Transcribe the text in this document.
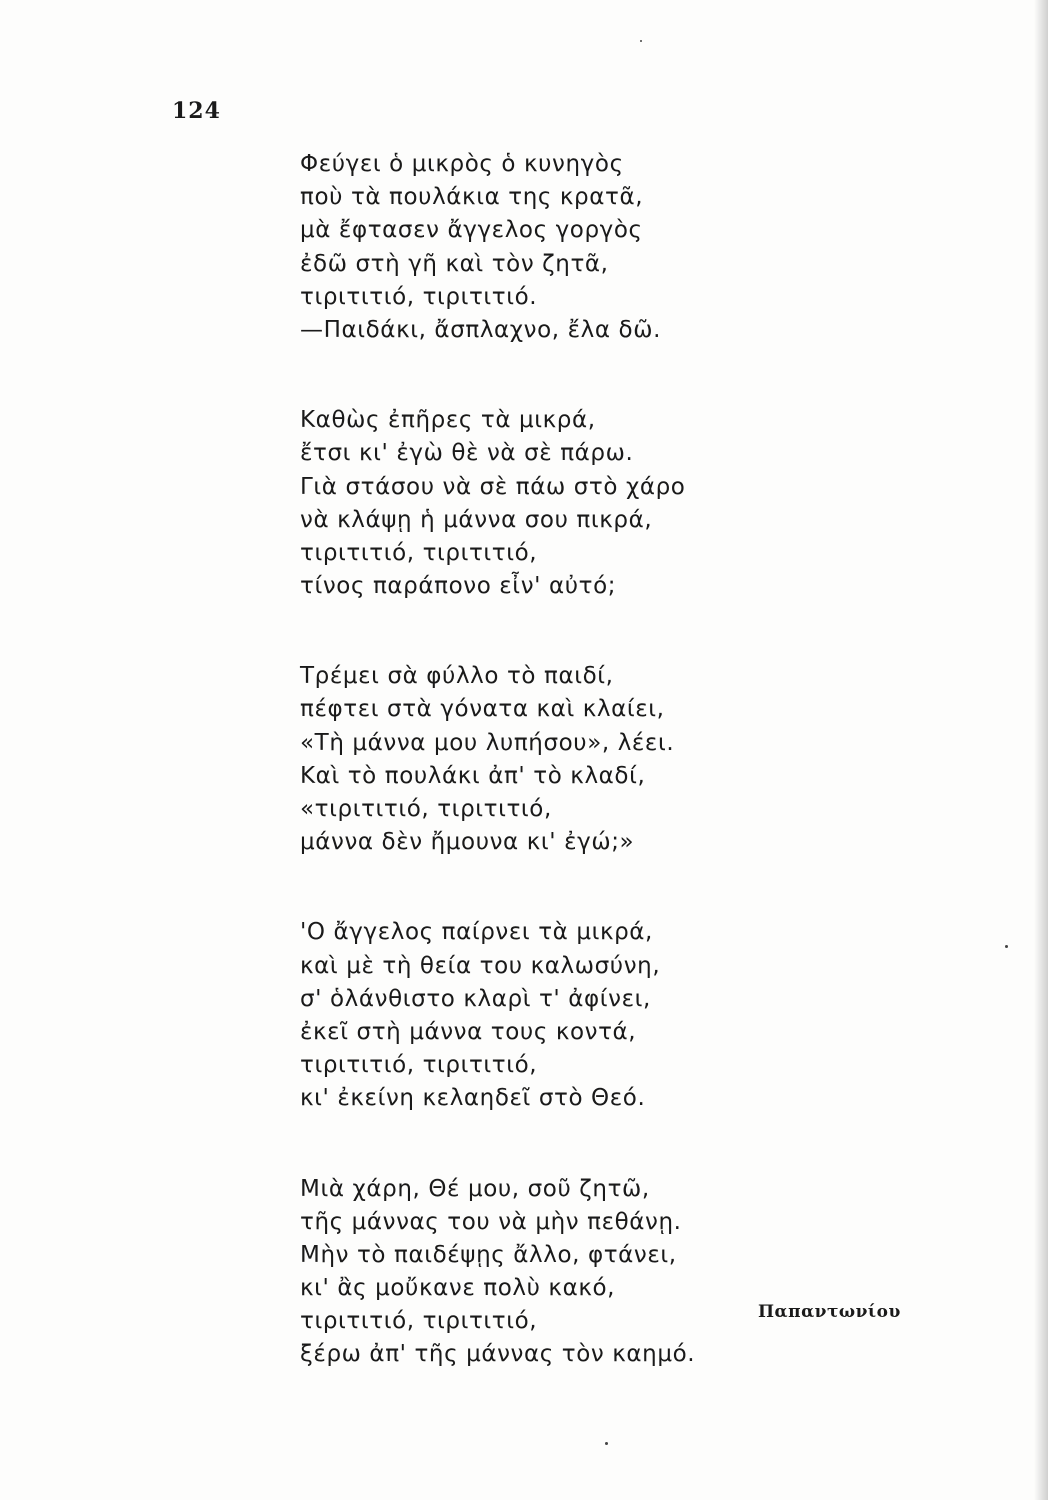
124
Φεύγει ὁ μικρὸς ὁ κυνηγὸς
ποὺ τὰ πουλάκια της κρατᾶ,
μὰ ἔφτασεν ἄγγελος γοργὸς
ἐδῶ στὴ γῆ καὶ τὸν ζητᾶ,
τιριτιτιό, τιριτιτιό.
—Παιδάκι, ἄσπλαχνο, ἔλα δῶ.
Καθὼς ἐπῆρες τὰ μικρά,
ἔτσι κι' ἐγὼ θὲ νὰ σὲ πάρω.
Γιὰ στάσου νὰ σὲ πάω στὸ χάρο
νὰ κλάψῃ ἡ μάννα σου πικρά,
τιριτιτιό, τιριτιτιό,
τίνος παράπονο εἶν' αὐτό;
Τρέμει σὰ φύλλο τὸ παιδί,
πέφτει στὰ γόνατα καὶ κλαίει,
«Τὴ μάννα μου λυπήσου», λέει.
Καὶ τὸ πουλάκι ἀπ' τὸ κλαδί,
«τιριτιτιό, τιριτιτιό,
μάννα δὲν ἤμουνα κι' ἐγώ;»
'Ο ἄγγελος παίρνει τὰ μικρά,
καὶ μὲ τὴ θεία του καλωσύνη,
σ' ὁλάνθιστο κλαρὶ τ' ἀφίνει,
ἐκεῖ στὴ μάννα τους κοντά,
τιριτιτιό, τιριτιτιό,
κι' ἐκείνη κελαηδεῖ στὸ Θεό.
Μιὰ χάρη, Θέ μου, σοῦ ζητῶ,
τῆς μάννας του νὰ μὴν πεθάνῃ.
Μὴν τὸ παιδέψῃς ἄλλο, φτάνει,
κι' ἂς μοὔκανε πολὺ κακό,
τιριτιτιό, τιριτιτιό,
ξέρω ἀπ' τῆς μάννας τὸν καημό.
Παπαντωνίου
